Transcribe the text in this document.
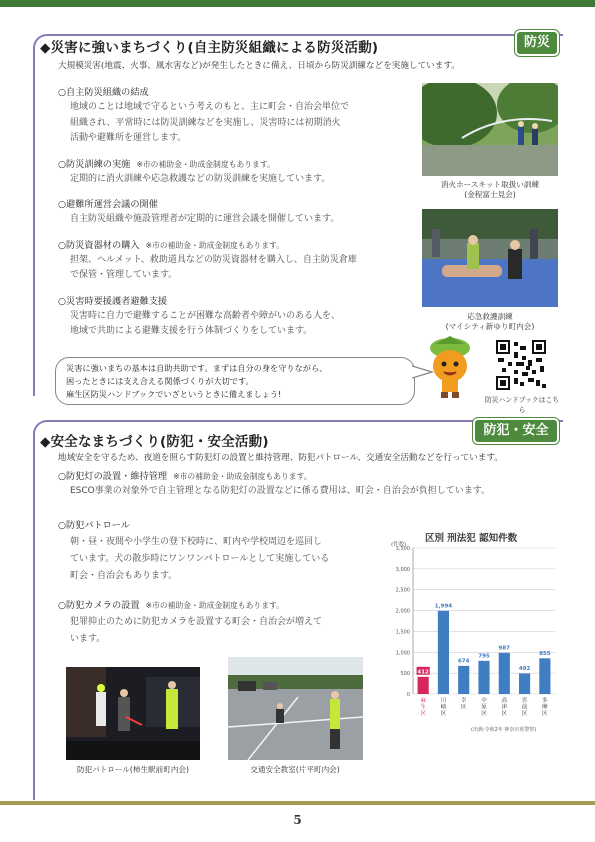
◆災害に強いまちづくり(自主防災組織による防災活動)	防災
大規模災害(地震、火事、風水害など)が発生したときに備え、日頃から防災訓練などを実施しています。
○自主防災組織の結成
地域のことは地域で守るという考えのもと、主に町会・自治会単位で
組織され、平常時には防災訓練などを実施し、災害時には初期消火
活動や避難所を運営します。
○防災訓練の実施 ※市の補助金・助成金制度もあります。
定期的に消火訓練や応急救護などの防災訓練を実施しています。
○避難所運営会議の開催
自主防災組織や施設管理者が定期的に運営会議を開催しています。
○防災資器材の購入 ※市の補助金・助成金制度もあります。
担架、ヘルメット、救助道具などの防災資器材を購入し、自主防災倉庫
で保管・管理しています。
○災害時要援護者避難支援
災害時に自力で避難することが困難な高齢者や障がいのある人を、
地域で共助による避難支援を行う体制づくりをしています。
消火ホースキット取扱い訓練
(金程富士見会)
応急救護訓練
(マイシティ新ゆり町内会)
災害に強いまちの基本は自助共助です。まずは自分の身を守りながら、
困ったときには支え合える関係づくりが大切です。
麻生区防災ハンドブックでいざというときに備えましょう!
防災ハンドブックはこちら
◆安全なまちづくり(防犯・安全活動)
防犯・安全
地域安全を守るため、夜道を照らす防犯灯の設置と維持管理、防犯パトロール、交通安全活動などを行っています。
○防犯灯の設置・維持管理 ※市の補助金・助成金制度もあります。
ESCO事業の対象外で自主管理となる防犯灯の設置などに係る費用は、町会・自治会が負担しています。
○防犯パトロール
朝・昼・夜間や小学生の登下校時に、町内や学校周辺を巡回し
ています。犬の散歩時にワンワンパトロールとして実施している
町会・自治会もあります。
○防犯カメラの設置 ※市の補助金・助成金制度もあります。
犯罪抑止のために防犯カメラを設置する町会・自治会が増えて
います。
区別 刑法犯 認知件数
(件数)
0
500
1,000
1,500
2,000
2,500
3,000
3,500
412
麻
生
区
1,994
川
崎
区
674
幸
区
795
中
原
区
987
高
津
区
492
宮
前
区
855
多
摩
区
(出典:令和2年 神奈川県警察)
防犯パトロール(柿生駅前町内会)	交通安全教室(片平町内会)
5
